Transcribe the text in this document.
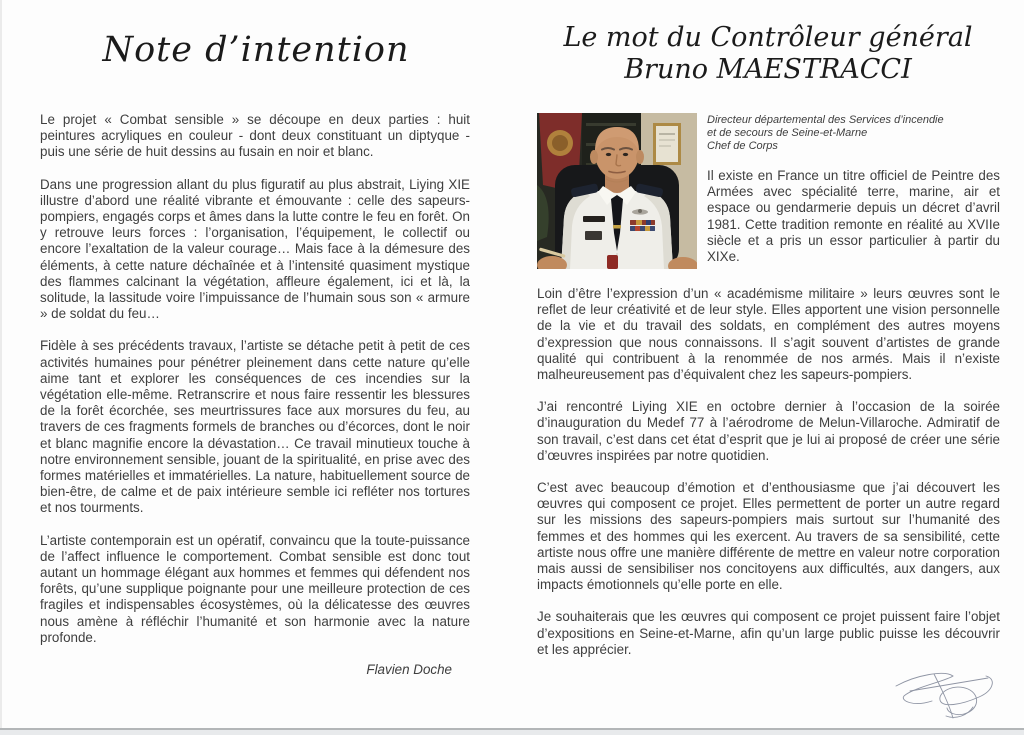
Note d’intention

Le projet « Combat sensible » se découpe en deux parties : huit peintures acryliques en couleur - dont deux constituant un diptyque - puis une série de huit dessins au fusain en noir et blanc.

Dans une progression allant du plus figuratif au plus abstrait, Liying XIE illustre d’abord une réalité vibrante et émouvante : celle des sapeurs-pompiers, engagés corps et âmes dans la lutte contre le feu en forêt. On y retrouve leurs forces : l’organisation, l’équipement, le collectif ou encore l’exaltation de la valeur courage… Mais face à la démesure des éléments, à cette nature déchaînée et à l’intensité quasiment mystique des flammes calcinant la végétation, affleure également, ici et là, la solitude, la lassitude voire l’impuissance de l’humain sous son « armure » de soldat du feu…

Fidèle à ses précédents travaux, l’artiste se détache petit à petit de ces activités humaines pour pénétrer pleinement dans cette nature qu’elle aime tant et explorer les conséquences de ces incendies sur la végétation elle-même. Retranscrire et nous faire ressentir les blessures de la forêt écorchée, ses meurtrissures face aux morsures du feu, au travers de ces fragments formels de branches ou d’écorces, dont le noir et blanc magnifie encore la dévastation… Ce travail minutieux touche à notre environnement sensible, jouant de la spiritualité, en prise avec des formes matérielles et immatérielles. La nature, habituellement source de bien-être, de calme et de paix intérieure semble ici refléter nos tortures et nos tourments.

L’artiste contemporain est un opératif, convaincu que la toute-puissance de l’affect influence le comportement. Combat sensible est donc tout autant un hommage élégant aux hommes et femmes qui défendent nos forêts, qu’une supplique poignante pour une meilleure protection de ces fragiles et indispensables écosystèmes, où la délicatesse des œuvres nous amène à réfléchir l’humanité et son harmonie avec la nature profonde.

Flavien Doche
Le mot du Contrôleur général
Bruno MAESTRACCI
Directeur départemental des Services d’incendie
et de secours de Seine-et-Marne
Chef de Corps

Il existe en France un titre officiel de Peintre des Armées avec spécialité terre, marine, air et espace ou gendarmerie depuis un décret d’avril 1981. Cette tradition remonte en réalité au XVIIe siècle et a pris un essor particulier à partir du XIXe.

Loin d’être l’expression d’un « académisme militaire » leurs œuvres sont le reflet de leur créativité et de leur style. Elles apportent une vision personnelle de la vie et du travail des soldats, en complément des autres moyens d’expression que nous connaissons. Il s’agit souvent d’artistes de grande qualité qui contribuent à la renommée de nos armés. Mais il n’existe malheureusement pas d’équivalent chez les sapeurs-pompiers.

J’ai rencontré Liying XIE en octobre dernier à l’occasion de la soirée d’inauguration du Medef 77 à l’aérodrome de Melun-Villaroche. Admiratif de son travail, c’est dans cet état d’esprit que je lui ai proposé de créer une série d’œuvres inspirées par notre quotidien.

C’est avec beaucoup d’émotion et d’enthousiasme que j’ai découvert les œuvres qui composent ce projet. Elles permettent de porter un autre regard sur les missions des sapeurs-pompiers mais surtout sur l’humanité des femmes et des hommes qui les exercent. Au travers de sa sensibilité, cette artiste nous offre une manière différente de mettre en valeur notre corporation mais aussi de sensibiliser nos concitoyens aux difficultés, aux dangers, aux impacts émotionnels qu’elle porte en elle.

Je souhaiterais que les œuvres qui composent ce projet puissent faire l’objet d’expositions en Seine-et-Marne, afin qu’un large public puisse les découvrir et les apprécier.
